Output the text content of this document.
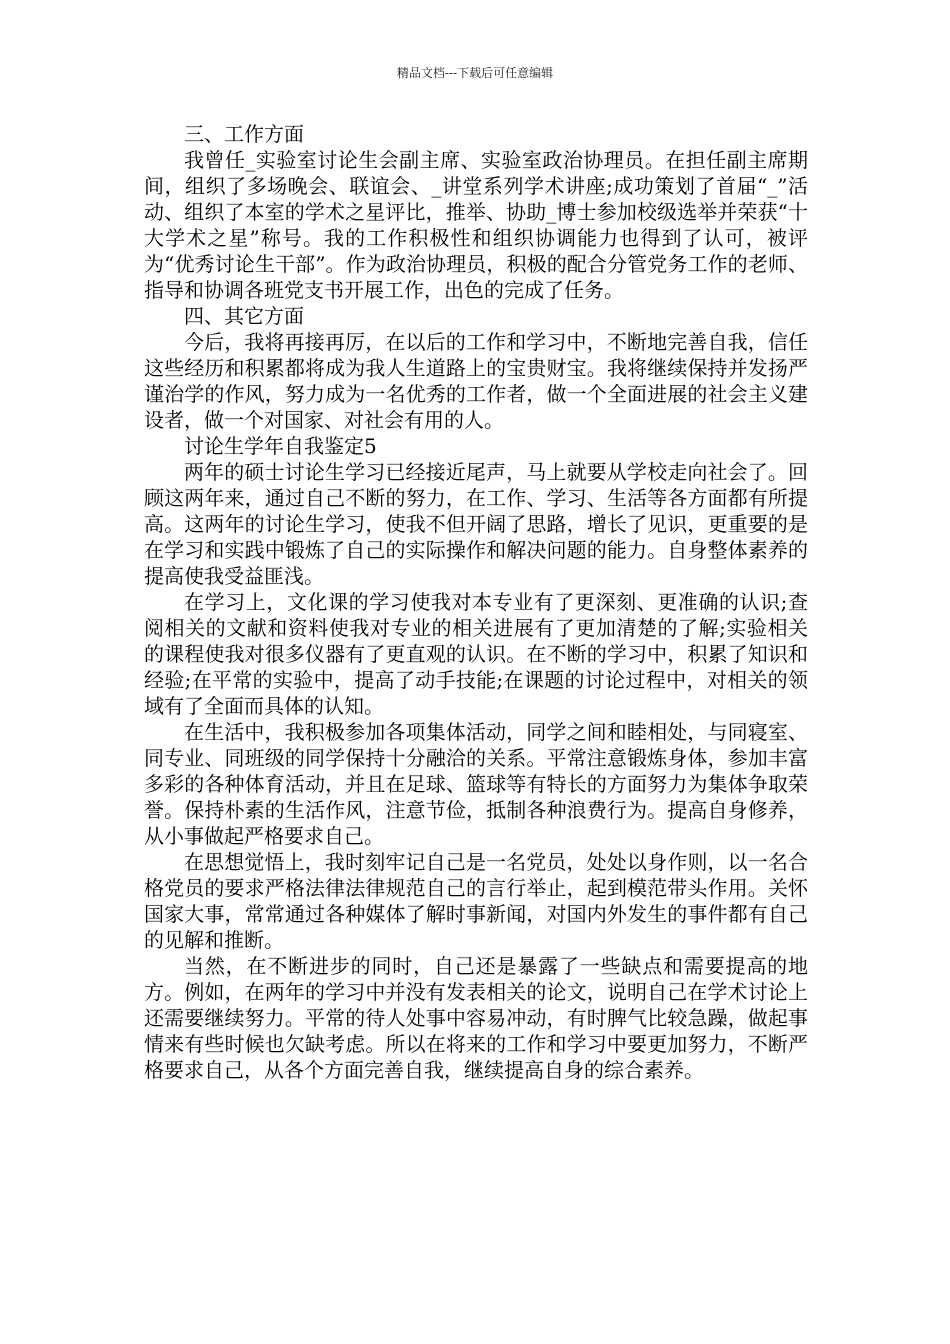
精品文档---下载后可任意编辑

三、工作方面

我曾任_实验室讨论生会副主席、实验室政治协理员。在担任副主席期间，组织了多场晚会、联谊会、_讲堂系列学术讲座;成功策划了首届“_”活动、组织了本室的学术之星评比，推举、协助_博士参加校级选举并荣获“十大学术之星”称号。我的工作积极性和组织协调能力也得到了认可，被评为“优秀讨论生干部”。作为政治协理员，积极的配合分管党务工作的老师、指导和协调各班党支书开展工作，出色的完成了任务。

四、其它方面

今后，我将再接再厉，在以后的工作和学习中，不断地完善自我，信任这些经历和积累都将成为我人生道路上的宝贵财宝。我将继续保持并发扬严谨治学的作风，努力成为一名优秀的工作者，做一个全面进展的社会主义建设者，做一个对国家、对社会有用的人。

讨论生学年自我鉴定5

两年的硕士讨论生学习已经接近尾声，马上就要从学校走向社会了。回顾这两年来，通过自己不断的努力，在工作、学习、生活等各方面都有所提高。这两年的讨论生学习，使我不但开阔了思路，增长了见识，更重要的是在学习和实践中锻炼了自己的实际操作和解决问题的能力。自身整体素养的提高使我受益匪浅。

在学习上，文化课的学习使我对本专业有了更深刻、更准确的认识;查阅相关的文献和资料使我对专业的相关进展有了更加清楚的了解;实验相关的课程使我对很多仪器有了更直观的认识。在不断的学习中，积累了知识和经验;在平常的实验中，提高了动手技能;在课题的讨论过程中，对相关的领域有了全面而具体的认知。

在生活中，我积极参加各项集体活动，同学之间和睦相处，与同寝室、同专业、同班级的同学保持十分融洽的关系。平常注意锻炼身体，参加丰富多彩的各种体育活动，并且在足球、篮球等有特长的方面努力为集体争取荣誉。保持朴素的生活作风，注意节俭，抵制各种浪费行为。提高自身修养，从小事做起严格要求自己。

在思想觉悟上，我时刻牢记自己是一名党员，处处以身作则，以一名合格党员的要求严格法律法律规范自己的言行举止，起到模范带头作用。关怀国家大事，常常通过各种媒体了解时事新闻，对国内外发生的事件都有自己的见解和推断。

当然，在不断进步的同时，自己还是暴露了一些缺点和需要提高的地方。例如，在两年的学习中并没有发表相关的论文，说明自己在学术讨论上还需要继续努力。平常的待人处事中容易冲动，有时脾气比较急躁，做起事情来有些时候也欠缺考虑。所以在将来的工作和学习中要更加努力，不断严格要求自己，从各个方面完善自我，继续提高自身的综合素养。
